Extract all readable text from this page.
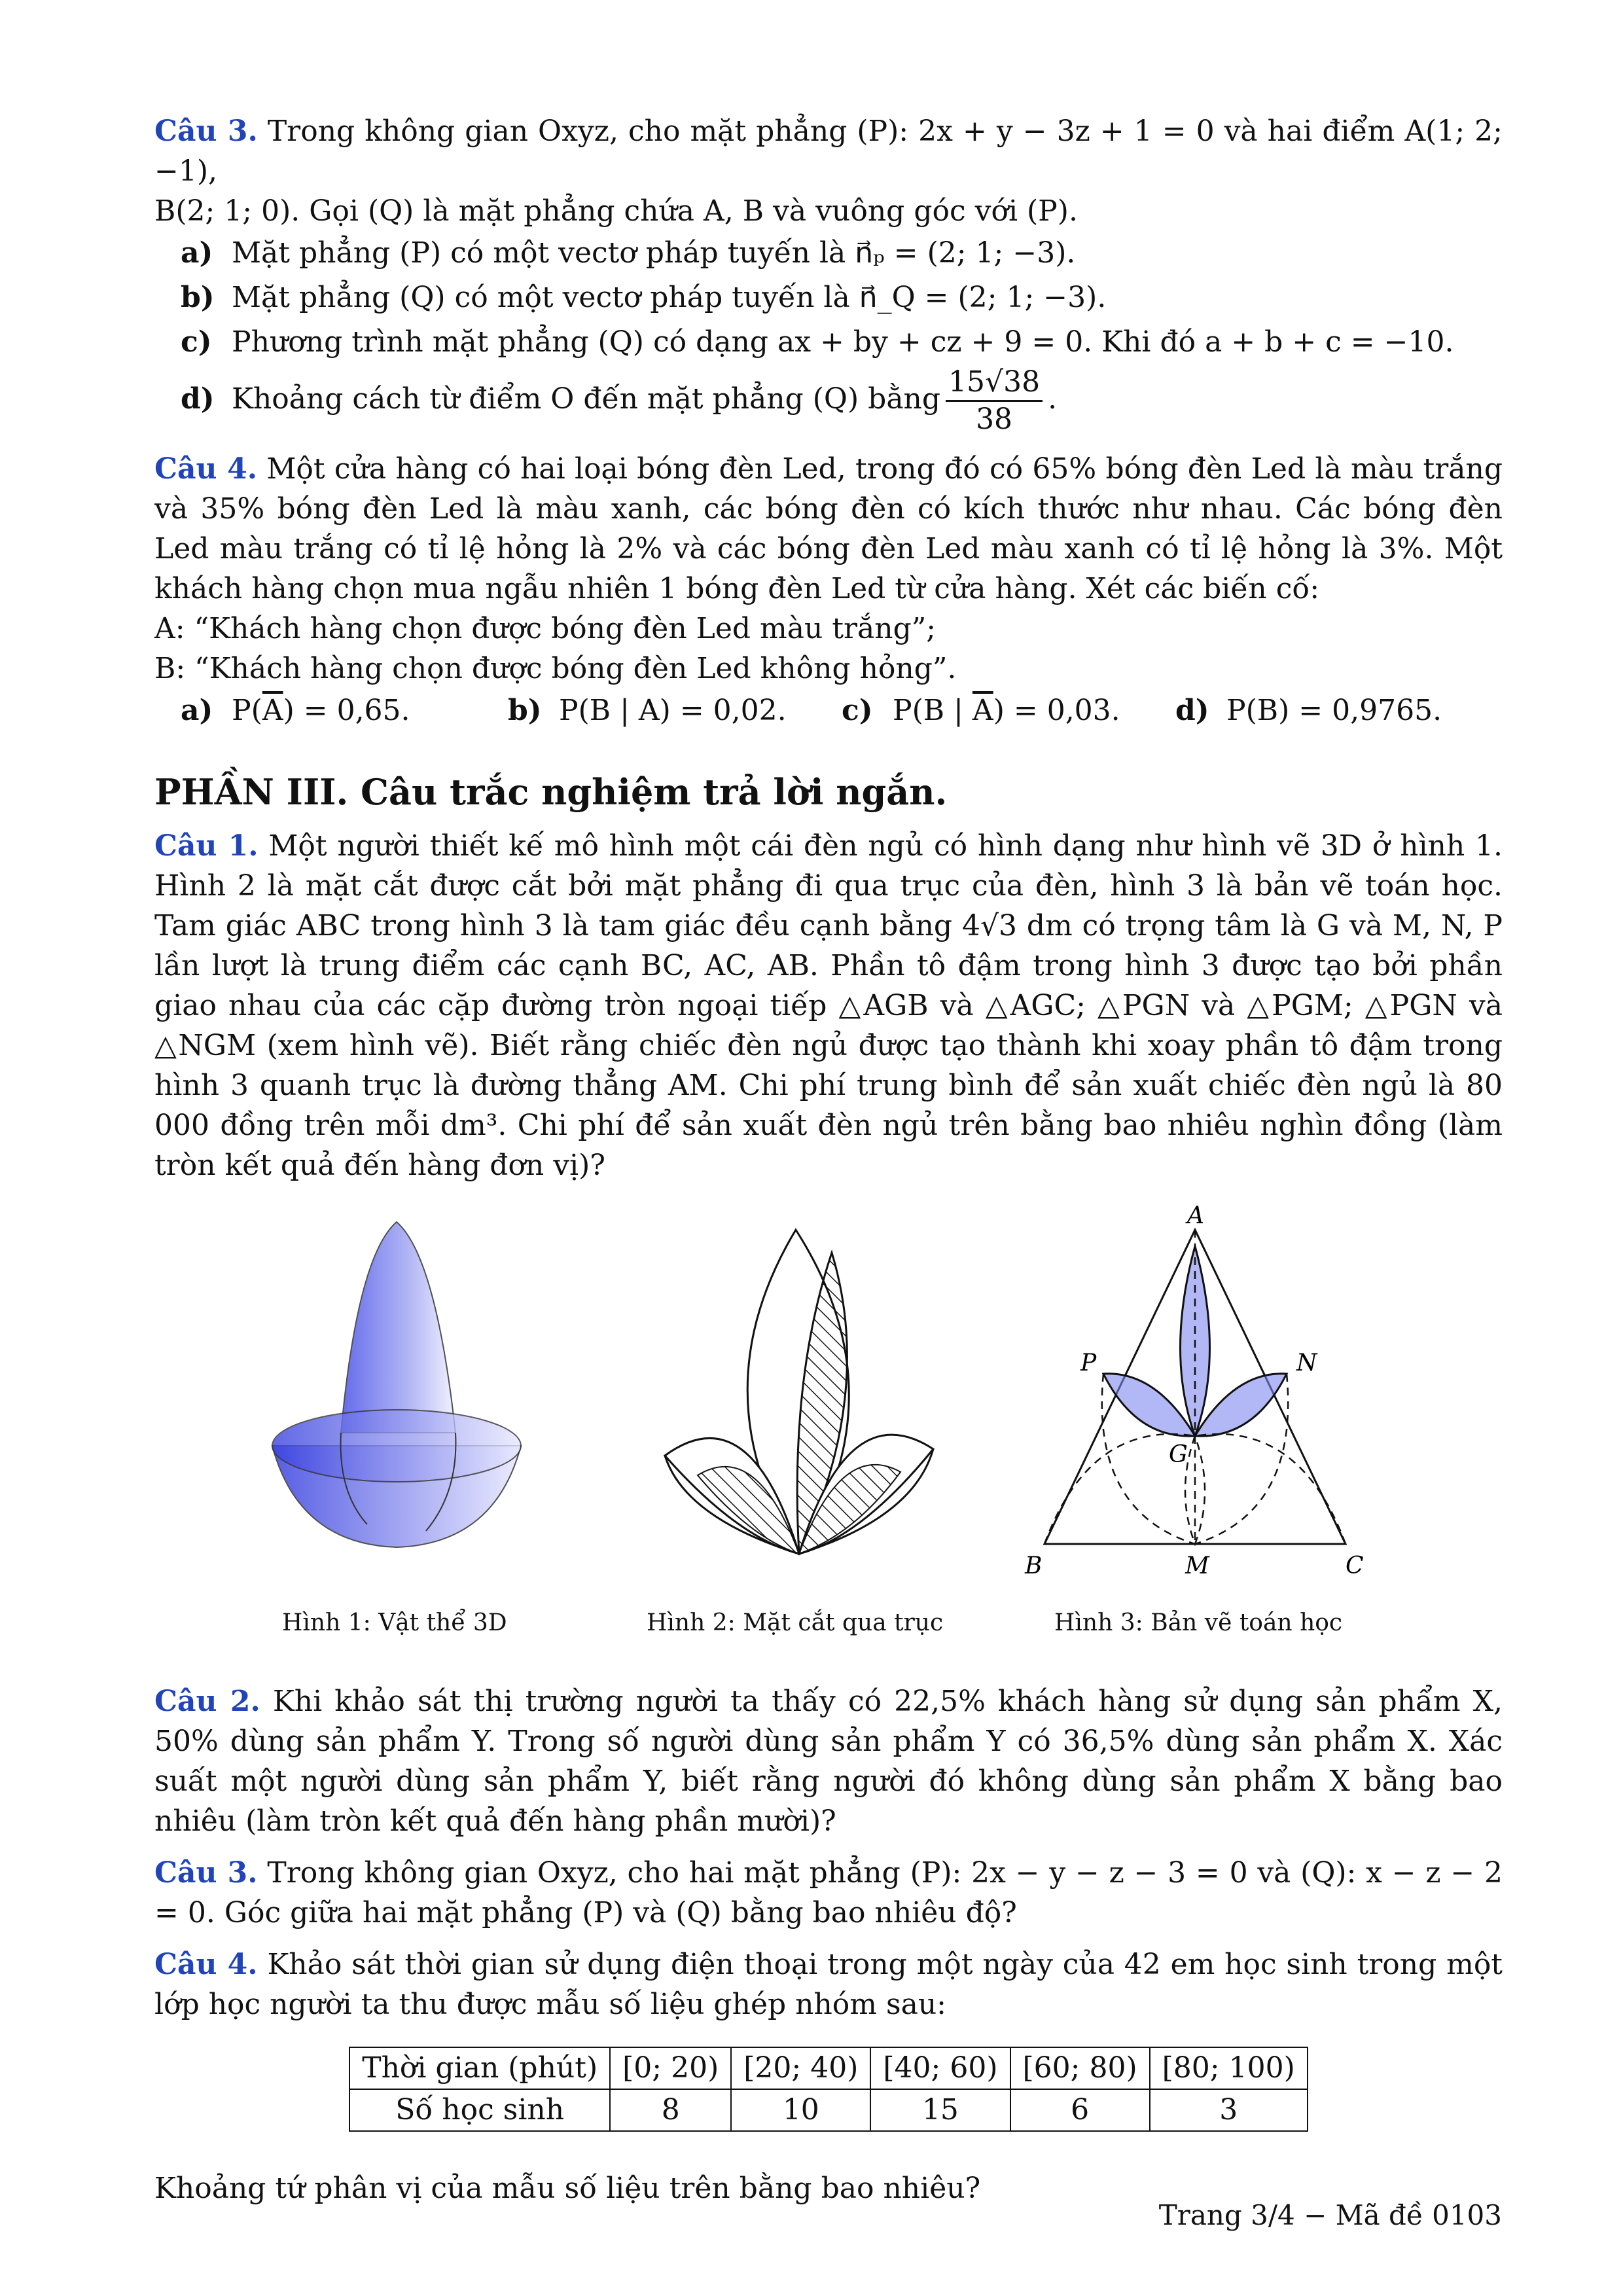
Câu 3. Trong không gian Oxyz, cho mặt phẳng (P): 2x + y − 3z + 1 = 0 và hai điểm A(1; 2; −1),

B(2; 1; 0). Gọi (Q) là mặt phẳng chứa A, B và vuông góc với (P).

a) Mặt phẳng (P) có một vectơ pháp tuyến là n⃗ₚ = (2; 1; −3).
b) Mặt phẳng (Q) có một vectơ pháp tuyến là n⃗_Q = (2; 1; −3).
c) Phương trình mặt phẳng (Q) có dạng ax + by + cz + 9 = 0. Khi đó a + b + c = −10.
d) Khoảng cách từ điểm O đến mặt phẳng (Q) bằng $\frac{15√38}{38}$ .

Câu 4. Một cửa hàng có hai loại bóng đèn Led, trong đó có 65% bóng đèn Led là màu trắng và 35% bóng đèn Led là màu xanh, các bóng đèn có kích thước như nhau. Các bóng đèn Led màu trắng có tỉ lệ hỏng là 2% và các bóng đèn Led màu xanh có tỉ lệ hỏng là 3%. Một khách hàng chọn mua ngẫu nhiên 1 bóng đèn Led từ cửa hàng. Xét các biến cố:

A: “Khách hàng chọn được bóng đèn Led màu trắng”;

B: “Khách hàng chọn được bóng đèn Led không hỏng”.

a) $P(\overline{A}) = 0,65$.	b) P(B | A) = 0,02.	c) P(B | $\overline{A}) = 0,03$.	d) P(B) = 0,9765.
PHẦN III. Câu trắc nghiệm trả lời ngắn.

Câu 1. Một người thiết kế mô hình một cái đèn ngủ có hình dạng như hình vẽ 3D ở hình 1. Hình 2 là mặt cắt được cắt bởi mặt phẳng đi qua trục của đèn, hình 3 là bản vẽ toán học. Tam giác ABC trong hình 3 là tam giác đều cạnh bằng 4√3 dm có trọng tâm là G và M, N, P lần lượt là trung điểm các cạnh BC, AC, AB. Phần tô đậm trong hình 3 được tạo bởi phần giao nhau của các cặp đường tròn ngoại tiếp △AGB và △AGC; △PGN và △PGM; △PGN và △NGM (xem hình vẽ). Biết rằng chiếc đèn ngủ được tạo thành khi xoay phần tô đậm trong hình 3 quanh trục là đường thẳng AM. Chi phí trung bình để sản xuất chiếc đèn ngủ là 80 000 đồng trên mỗi dm³. Chi phí để sản xuất đèn ngủ trên bằng bao nhiêu nghìn đồng (làm tròn kết quả đến hàng đơn vị)?

A
B	C
M
N
P
G
Hình 1: Vật thể 3D	Hình 2: Mặt cắt qua trục	Hình 3: Bản vẽ toán học

Câu 2. Khi khảo sát thị trường người ta thấy có 22,5% khách hàng sử dụng sản phẩm X, 50% dùng sản phẩm Y. Trong số người dùng sản phẩm Y có 36,5% dùng sản phẩm X. Xác suất một người dùng sản phẩm Y, biết rằng người đó không dùng sản phẩm X bằng bao nhiêu (làm tròn kết quả đến hàng phần mười)?

Câu 3. Trong không gian Oxyz, cho hai mặt phẳng (P): 2x − y − z − 3 = 0 và (Q): x − z − 2 = 0. Góc giữa hai mặt phẳng (P) và (Q) bằng bao nhiêu độ?

Câu 4. Khảo sát thời gian sử dụng điện thoại trong một ngày của 42 em học sinh trong một lớp học người ta thu được mẫu số liệu ghép nhóm sau:

Thời gian (phút)	[0; 20)	[20; 40)	[40; 60)	[60; 80)	[80; 100)
Số học sinh	8	10	15	6	3

Khoảng tứ phân vị của mẫu số liệu trên bằng bao nhiêu?

Trang 3/4 − Mã đề 0103
